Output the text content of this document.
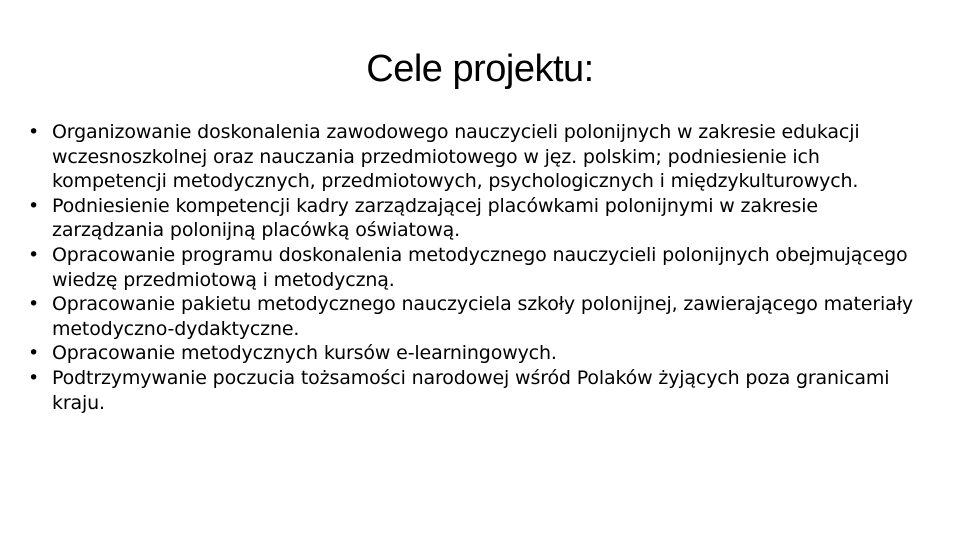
Cele projektu:
• Organizowanie doskonalenia zawodowego nauczycieli polonijnych w zakresie edukacji wczesnoszkolnej oraz nauczania przedmiotowego w jęz. polskim; podniesienie ich kompetencji metodycznych, przedmiotowych, psychologicznych i międzykulturowych.
• Podniesienie kompetencji kadry zarządzającej placówkami polonijnymi w zakresie zarządzania polonijną placówką oświatową.
• Opracowanie programu doskonalenia metodycznego nauczycieli polonijnych obejmującego wiedzę przedmiotową i metodyczną.
• Opracowanie pakietu metodycznego nauczyciela szkoły polonijnej, zawierającego materiały metodyczno-dydaktyczne.
• Opracowanie metodycznych kursów e-learningowych.
• Podtrzymywanie poczucia tożsamości narodowej wśród Polaków żyjących poza granicami kraju.
